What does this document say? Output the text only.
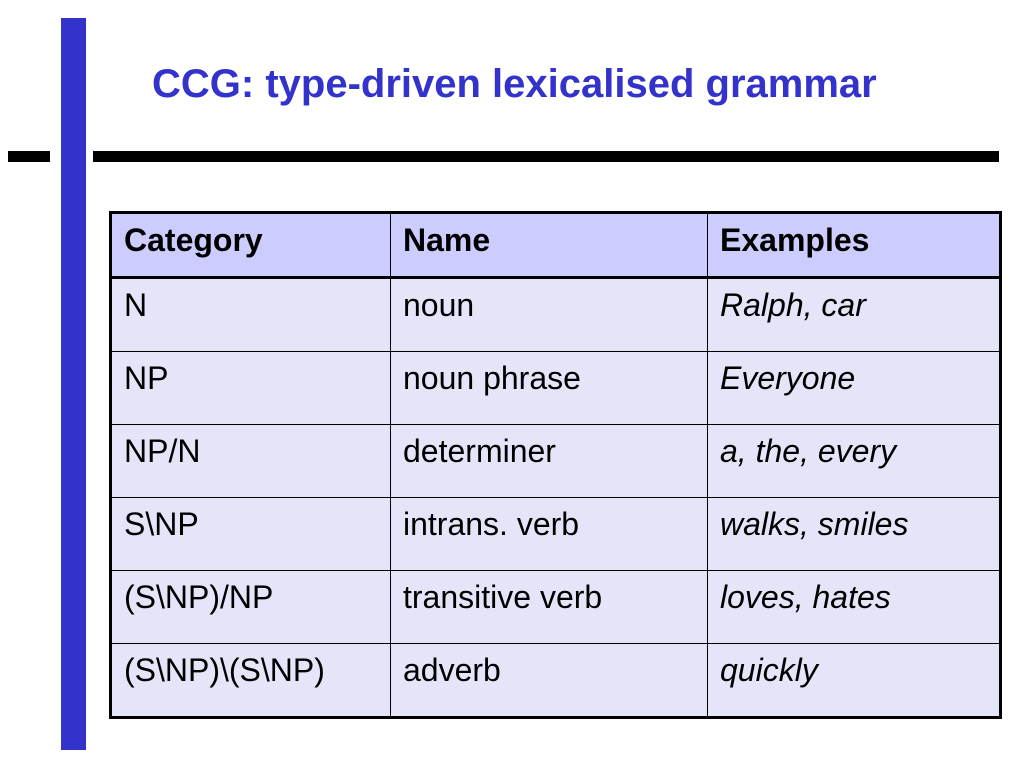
CCG: type-driven lexicalised grammar
Category	Name	Examples
N	noun	Ralph, car
NP	noun phrase	Everyone
NP/N	determiner	a, the, every
S\NP	intrans. verb	walks, smiles
(S\NP)/NP	transitive verb	loves, hates
(S\NP)\(S\NP)	adverb	quickly
